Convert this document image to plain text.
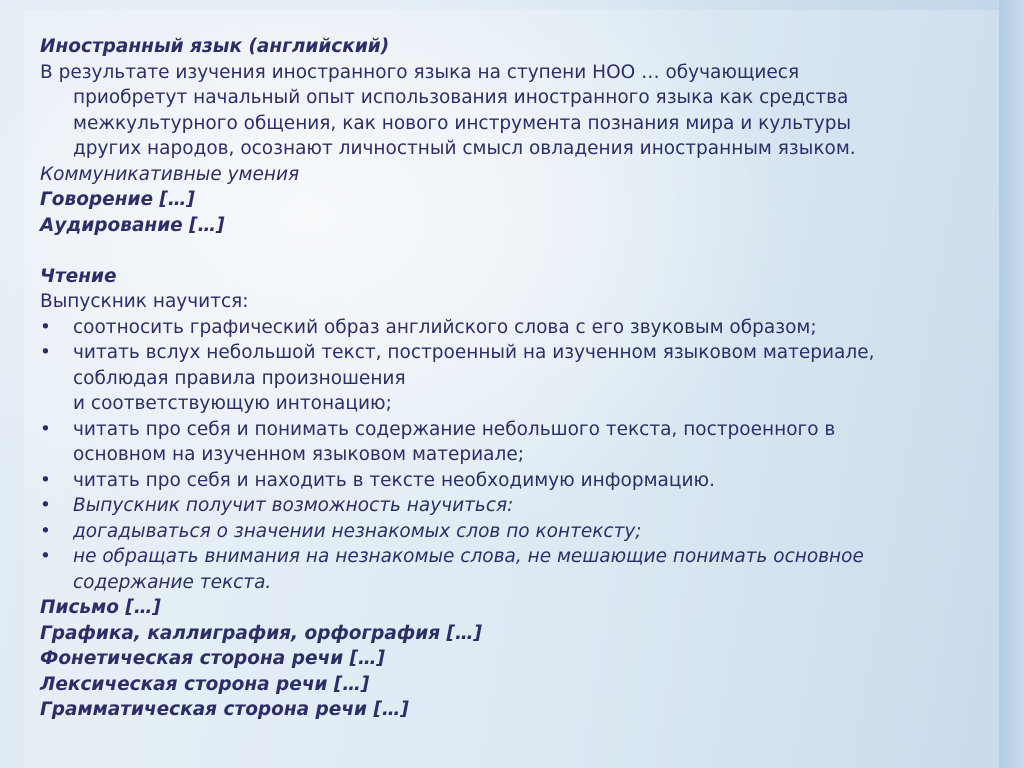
Иностранный язык (английский)
В результате изучения иностранного языка на ступени НОО … обучающиеся
приобретут начальный опыт использования иностранного языка как средства
межкультурного общения, как нового инструмента познания мира и культуры
других народов, осознают личностный смысл овладения иностранным языком.
Коммуникативные умения
Говорение […]
Аудирование […]
Чтение
Выпускник научится:
• соотносить графический образ английского слова с его звуковым образом;
• читать вслух небольшой текст, построенный на изученном языковом материале,
соблюдая правила произношения
и соответствующую интонацию;
• читать про себя и понимать содержание небольшого текста, построенного в
основном на изученном языковом материале;
• читать про себя и находить в тексте необходимую информацию.
• Выпускник получит возможность научиться:
• догадываться о значении незнакомых слов по контексту;
• не обращать внимания на незнакомые слова, не мешающие понимать основное
содержание текста.
Письмо […]
Графика, каллиграфия, орфография […]
Фонетическая сторона речи […]
Лексическая сторона речи […]
Грамматическая сторона речи […]
